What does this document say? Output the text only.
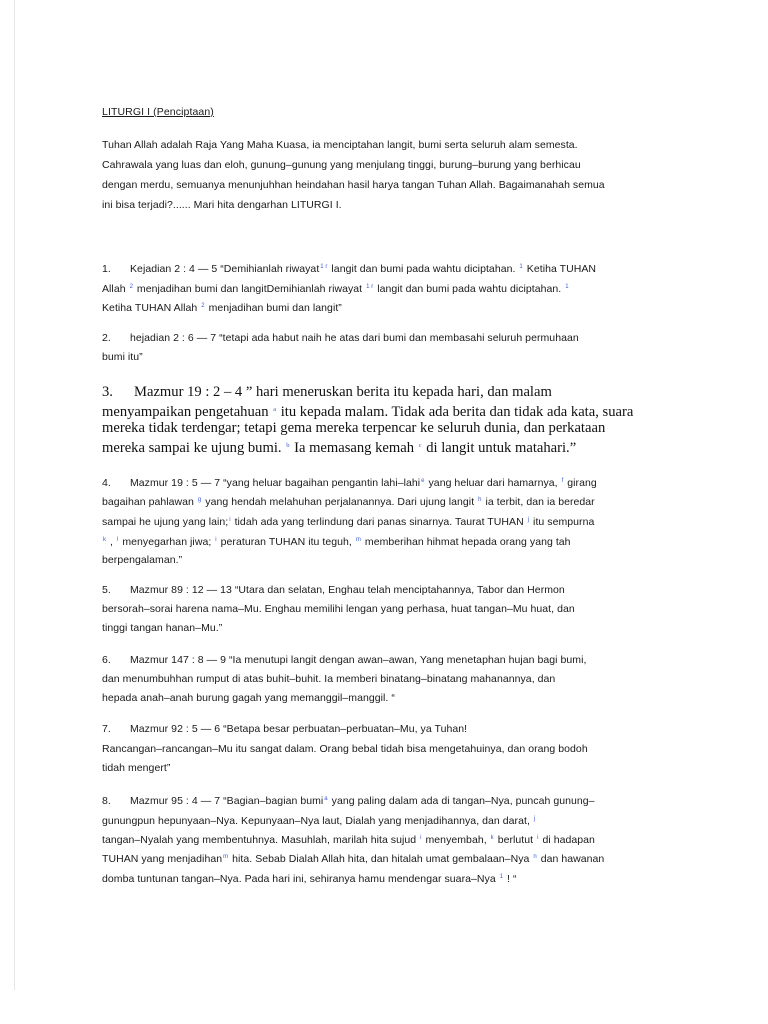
LITURGI I (Penciptaan)
Tuhan Allah adalah Raja Yang Maha Kuasa, ia menciptahan langit, bumi serta seluruh alam semesta.
Cahrawala yang luas dan eloh, gunung–gunung yang menjulang tinggi, burung–burung yang berhicau
dengan merdu, semuanya menunjuhhan heindahan hasil harya tangan Tuhan Allah. Bagaimanahah semua
ini bisa terjadi?...... Mari hita dengarhan LITURGI I.
1. Kejadian 2 : 4 — 5 “Demihianlah riwayat$^{1 r}$ langit dan bumi pada wahtu diciptahan. $^1$ Ketiha TUHAN
Allah $^2$ menjadihan bumi dan langitDemihianlah riwayat $^{1 r}$ langit dan bumi pada wahtu diciptahan. $^1$
Ketiha TUHAN Allah $^2$ menjadihan bumi dan langit”
2. hejadian 2 : 6 — 7 “tetapi ada habut naih he atas dari bumi dan membasahi seluruh permuhaan
bumi itu”
3. Mazmur 19 : 2 – 4 ” hari meneruskan berita itu kepada hari, dan malam
menyampaikan pengetahuan $^a$ itu kepada malam. Tidak ada berita dan tidak ada kata, suara
mereka tidak terdengar; tetapi gema mereka terpencar ke seluruh dunia, dan perkataan
mereka sampai ke ujung bumi. $^b$ Ia memasang kemah $^c$ di langit untuk matahari.”
4. Mazmur 19 : 5 — 7 “yang heluar bagaihan pengantin lahi–lahi$^e$ yang heluar dari hamarnya, $^f$ girang
bagaihan pahlawan $^g$ yang hendah melahuhan perjalanannya. Dari ujung langit $^h$ ia terbit, dan ia beredar
sampai he ujung yang lain;$^i$ tidah ada yang terlindung dari panas sinarnya. Taurat TUHAN $^j$ itu sempurna
$^k$ , $^l$ menyegarhan jiwa; $^i$ peraturan TUHAN itu teguh, $^m$ memberihan hihmat hepada orang yang tah
berpengalaman.”
5. Mazmur 89 : 12 — 13 “Utara dan selatan, Enghau telah menciptahannya, Tabor dan Hermon
bersorah–sorai harena nama–Mu. Enghau memilihi lengan yang perhasa, huat tangan–Mu huat, dan
tinggi tangan hanan–Mu.”
6. Mazmur 147 : 8 — 9 “Ia menutupi langit dengan awan–awan, Yang menetaphan hujan bagi bumi,
dan menumbuhhan rumput di atas buhit–buhit. Ia memberi binatang–binatang mahanannya, dan
hepada anah–anah burung gagah yang memanggil–manggil. “
7. Mazmur 92 : 5 — 6 “Betapa besar perbuatan–perbuatan–Mu, ya Tuhan!
Rancangan–rancangan–Mu itu sangat dalam. Orang bebal tidah bisa mengetahuinya, dan orang bodoh
tidah mengert”
8. Mazmur 95 : 4 — 7 “Bagian–bagian bumi$^a$ yang paling dalam ada di tangan–Nya, puncah gunung–
gunungpun hepunyaan–Nya. Kepunyaan–Nya laut, Dialah yang menjadihannya, dan darat, $^j$
tangan–Nyalah yang membentuhnya. Masuhlah, marilah hita sujud $^i$ menyembah, $^k$ berlutut $^i$ di hadapan
TUHAN yang menjadihan$^m$ hita. Sebab Dialah Allah hita, dan hitalah umat gembalaan–Nya $^n$ dan hawanan
domba tuntunan tangan–Nya. Pada hari ini, sehiranya hamu mendengar suara–Nya $^1$ ! “
